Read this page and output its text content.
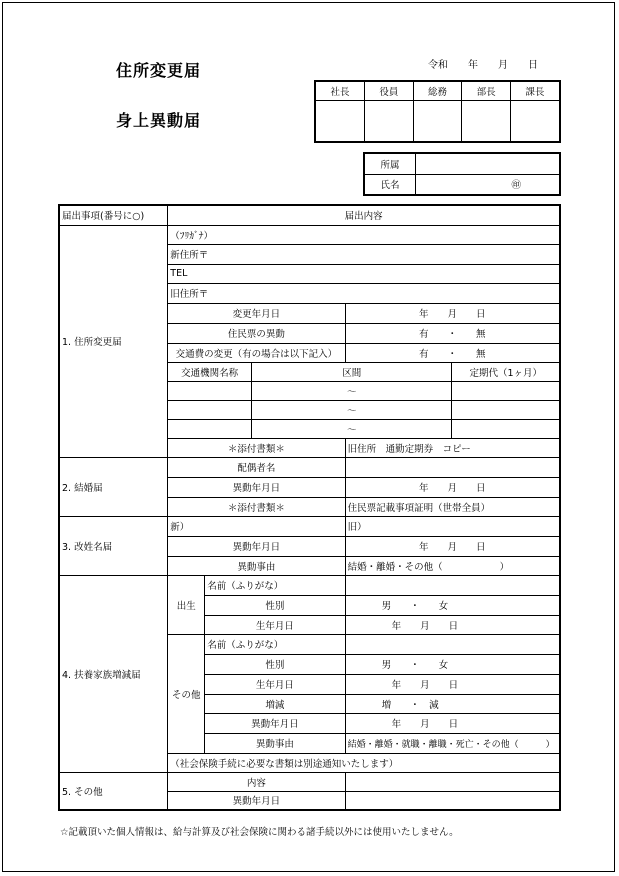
住所変更届
身上異動届
令和　　年　　月　　日
社長	役員	総務	部長	課長

所属	
氏名	㊞
届出事項(番号に○)	届出内容				
1. 住所変更届	（ﾌﾘｶﾞﾅ）				
	新住所〒				
	TEL				
	旧住所〒				
	変更年月日			年　　月　　日	
	住民票の異動			有　　・　　無	
	交通費の変更（有の場合は以下記入）			有　　・　　無	
	交通機関名称		区間		定期代（1ヶ月）
			〜		
			〜		
			〜		
	＊添付書類＊			旧住所　通勤定期券　コピー	
2. 結婚届	配偶者名				
	異動年月日			年　　月　　日	
	＊添付書類＊			住民票記載事項証明（世帯全員）	
3. 改姓名届	新）			旧）	
	異動年月日			年　　月　　日	
	異動事由			結婚・離婚・その他（　　　　　　）	
4. 扶養家族増減届	出生	名前（ふりがな）			
		性別		男　　・　　女	
		生年月日		年　　月　　日	
	その他	名前（ふりがな）			
		性別		男　　・　　女	
		生年月日		年　　月　　日	
		増減		増　　・　減	
		異動年月日		年　　月　　日	
		異動事由		結婚・離婚・就職・離職・死亡・その他（　　　）	
	（社会保険手続に必要な書類は別途通知いたします）				
5. その他	内容				
	異動年月日				
☆記載頂いた個人情報は、給与計算及び社会保険に関わる諸手続以外には使用いたしません。
